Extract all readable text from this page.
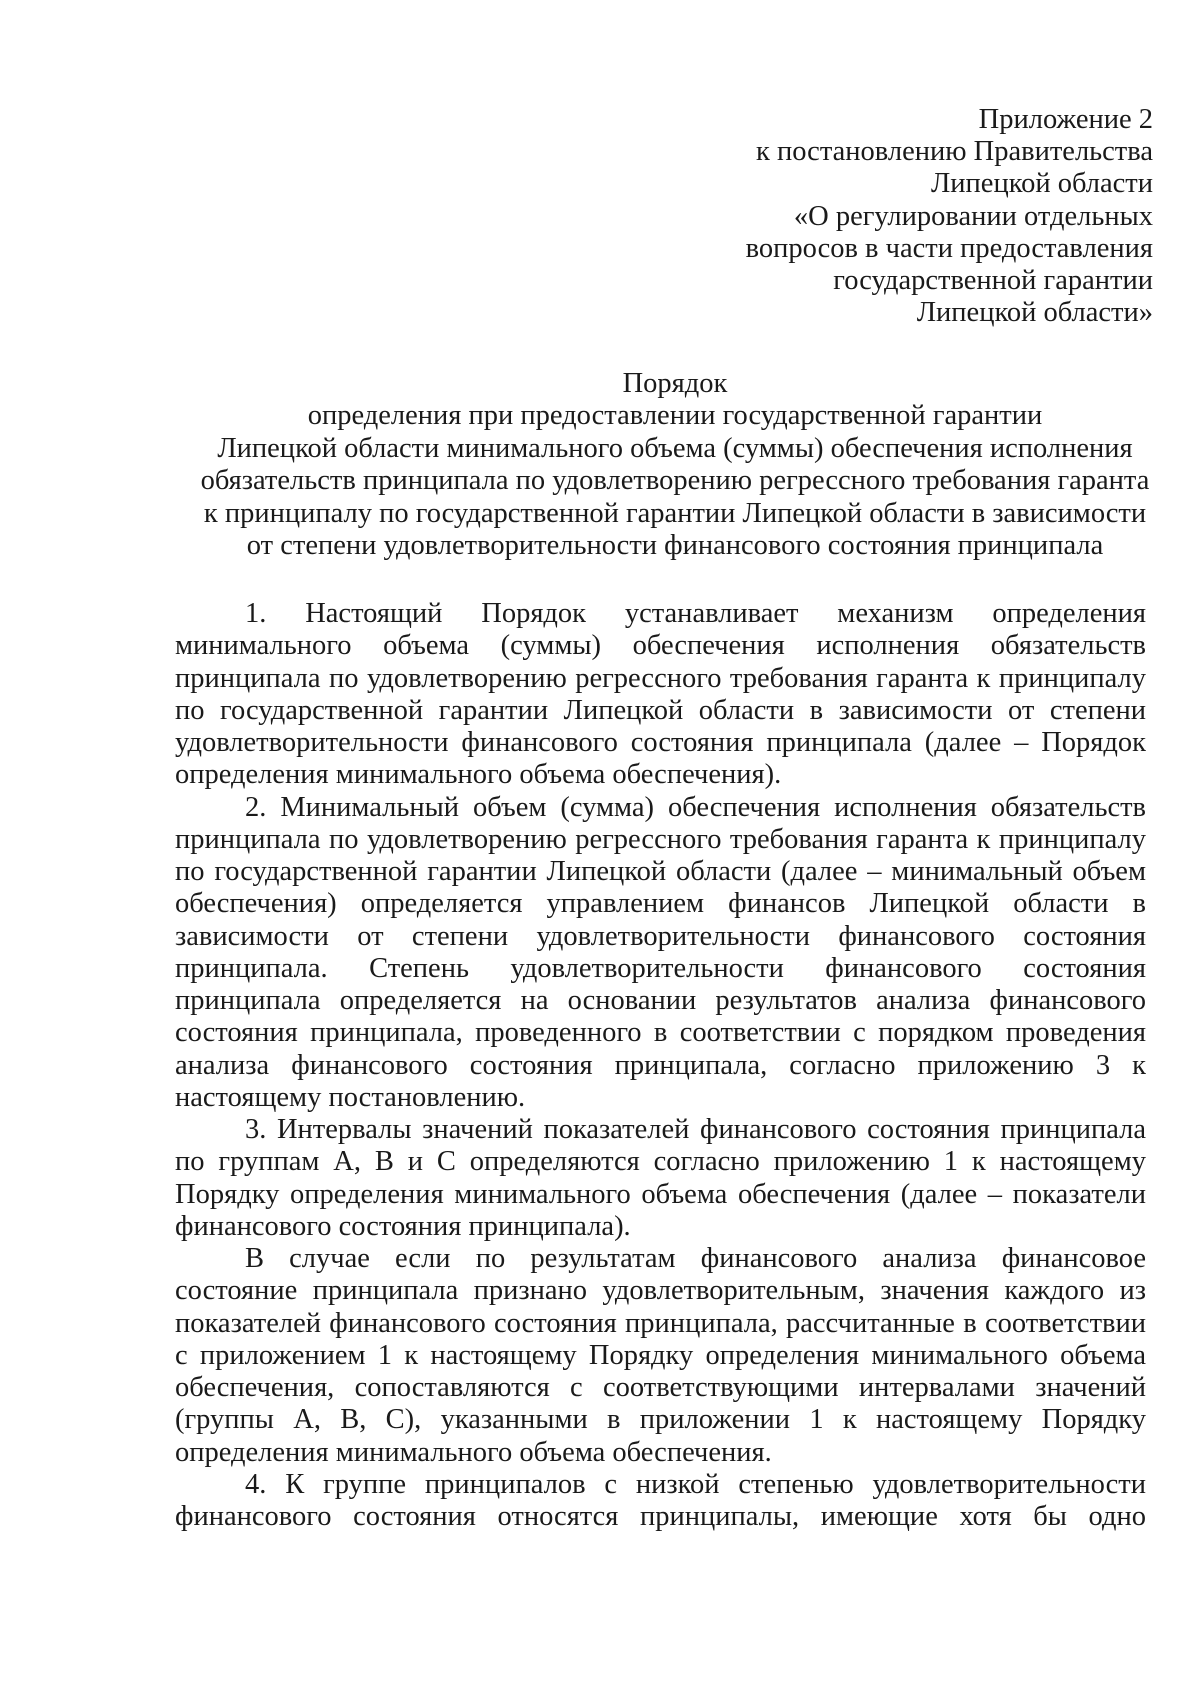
Приложение 2
к постановлению Правительства
Липецкой области
«О регулировании отдельных
вопросов в части предоставления
государственной гарантии
Липецкой области»
Порядок
определения при предоставлении государственной гарантии
Липецкой области минимального объема (суммы) обеспечения исполнения
обязательств принципала по удовлетворению регрессного требования гаранта
к принципалу по государственной гарантии Липецкой области в зависимости
от степени удовлетворительности финансового состояния принципала

1. Настоящий Порядок устанавливает механизм определения минимального объема (суммы) обеспечения исполнения обязательств принципала по удовлетворению регрессного требования гаранта к принципалу по государственной гарантии Липецкой области в зависимости от степени удовлетворительности финансового состояния принципала (далее – Порядок определения минимального объема обеспечения).

2. Минимальный объем (сумма) обеспечения исполнения обязательств принципала по удовлетворению регрессного требования гаранта к принципалу по государственной гарантии Липецкой области (далее – минимальный объем обеспечения) определяется управлением финансов Липецкой области в зависимости от степени удовлетворительности финансового состояния принципала. Степень удовлетворительности финансового состояния принципала определяется на основании результатов анализа финансового состояния принципала, проведенного в соответствии с порядком проведения анализа финансового состояния принципала, согласно приложению 3 к настоящему постановлению.

3. Интервалы значений показателей финансового состояния принципала по группам А, В и С определяются согласно приложению 1 к настоящему Порядку определения минимального объема обеспечения (далее – показатели финансового состояния принципала).

В случае если по результатам финансового анализа финансовое состояние принципала признано удовлетворительным, значения каждого из показателей финансового состояния принципала, рассчитанные в соответствии с приложением 1 к настоящему Порядку определения минимального объема обеспечения, сопоставляются с соответствующими интервалами значений (группы А, В, С), указанными в приложении 1 к настоящему Порядку определения минимального объема обеспечения.

4. К группе принципалов с низкой степенью удовлетворительности финансового состояния относятся принципалы, имеющие хотя бы одно
